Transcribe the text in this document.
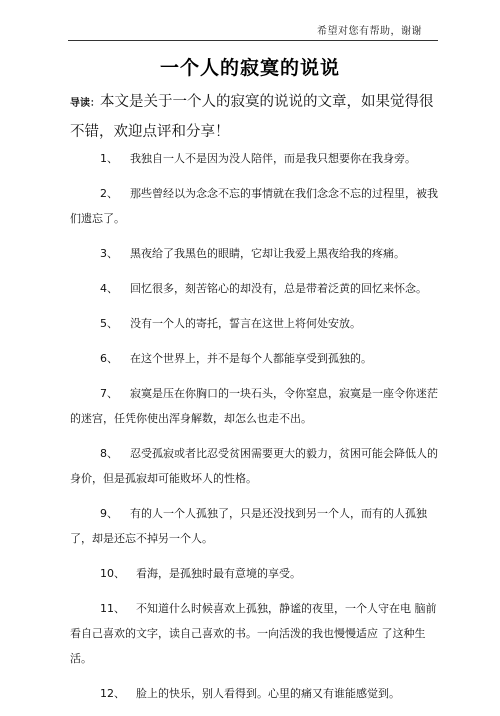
希望对您有帮助，谢谢
一个人的寂寞的说说
导读：本文是关于一个人的寂寞的说说的文章，如果觉得很不错，欢迎点评和分享！
1、 我独自一人不是因为没人陪伴，而是我只想要你在我身旁。
2、 那些曾经以为念念不忘的事情就在我们念念不忘的过程里，被我们遗忘了。
3、 黑夜给了我黑色的眼睛，它却让我爱上黑夜给我的疼痛。
4、 回忆很多，刻苦铭心的却没有，总是带着泛黄的回忆来怀念。
5、 没有一个人的寄托，誓言在这世上将何处安放。
6、 在这个世界上，并不是每个人都能享受到孤独的。
7、 寂寞是压在你胸口的一块石头，令你窒息，寂寞是一座令你迷茫的迷宫，任凭你使出浑身解数，却怎么也走不出。
8、 忍受孤寂或者比忍受贫困需要更大的毅力，贫困可能会降低人的身价，但是孤寂却可能败坏人的性格。
9、 有的人一个人孤独了，只是还没找到另一个人，而有的人孤独了，却是还忘不掉另一个人。
10、 看海，是孤独时最有意境的享受。
11、 不知道什么时候喜欢上孤独，静谧的夜里，一个人守在电 脑前看自己喜欢的文字，读自己喜欢的书。一向活泼的我也慢慢适应 了这种生活。
12、 脸上的快乐，别人看得到。心里的痛又有谁能感觉到。
